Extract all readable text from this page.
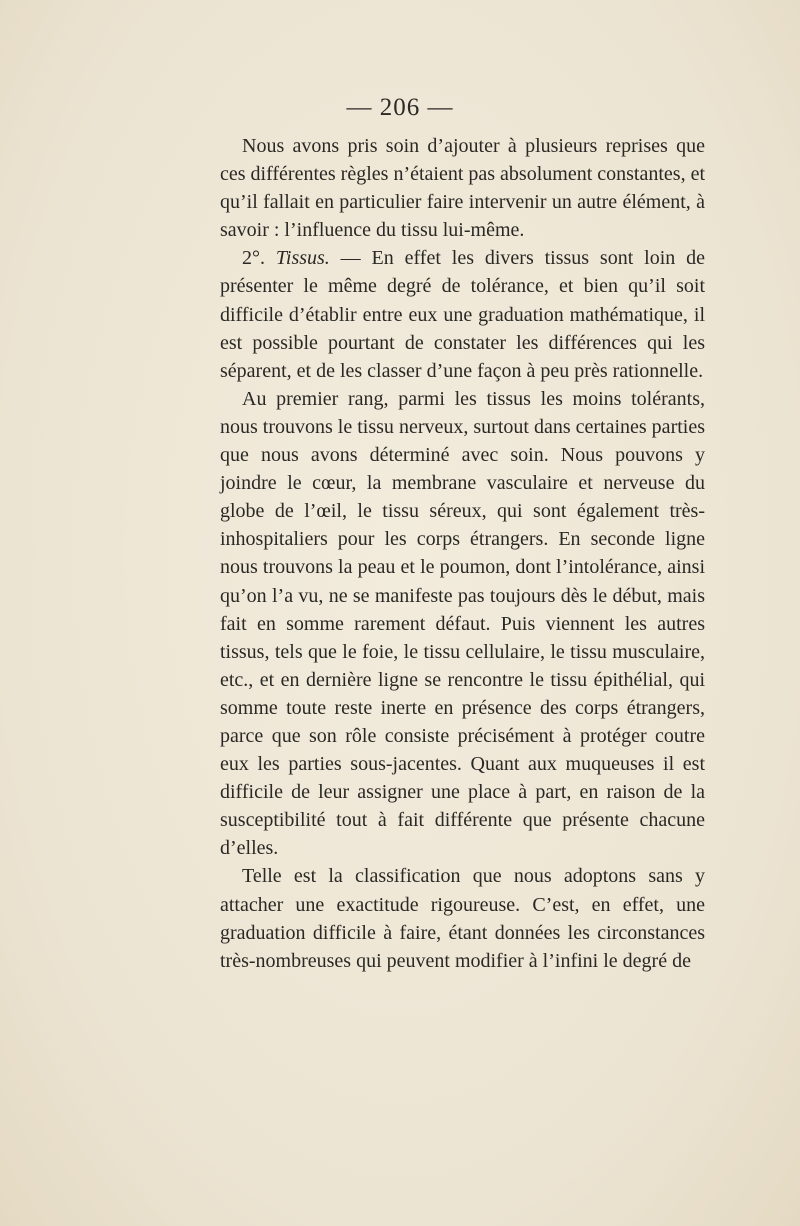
— 206 —

Nous avons pris soin d’ajouter à plusieurs reprises que ces différentes règles n’étaient pas absolument constantes, et qu’il fallait en particulier faire intervenir un autre élément, à savoir : l’influence du tissu lui-même.

2°. Tissus. — En effet les divers tissus sont loin de présenter le même degré de tolérance, et bien qu’il soit difficile d’établir entre eux une graduation mathématique, il est possible pourtant de constater les différences qui les séparent, et de les classer d’une façon à peu près rationnelle.

Au premier rang, parmi les tissus les moins tolérants, nous trouvons le tissu nerveux, surtout dans certaines parties que nous avons déterminé avec soin. Nous pouvons y joindre le cœur, la membrane vasculaire et nerveuse du globe de l’œil, le tissu séreux, qui sont également très-inhospitaliers pour les corps étrangers. En seconde ligne nous trouvons la peau et le poumon, dont l’intolérance, ainsi qu’on l’a vu, ne se manifeste pas toujours dès le début, mais fait en somme rarement défaut. Puis viennent les autres tissus, tels que le foie, le tissu cellulaire, le tissu musculaire, etc., et en dernière ligne se rencontre le tissu épithélial, qui somme toute reste inerte en présence des corps étrangers, parce que son rôle consiste précisément à protéger coutre eux les parties sous-jacentes. Quant aux muqueuses il est difficile de leur assigner une place à part, en raison de la susceptibilité tout à fait différente que présente chacune d’elles.

Telle est la classification que nous adoptons sans y attacher une exactitude rigoureuse. C’est, en effet, une graduation difficile à faire, étant données les circonstances très-nombreuses qui peuvent modifier à l’infini le degré de
